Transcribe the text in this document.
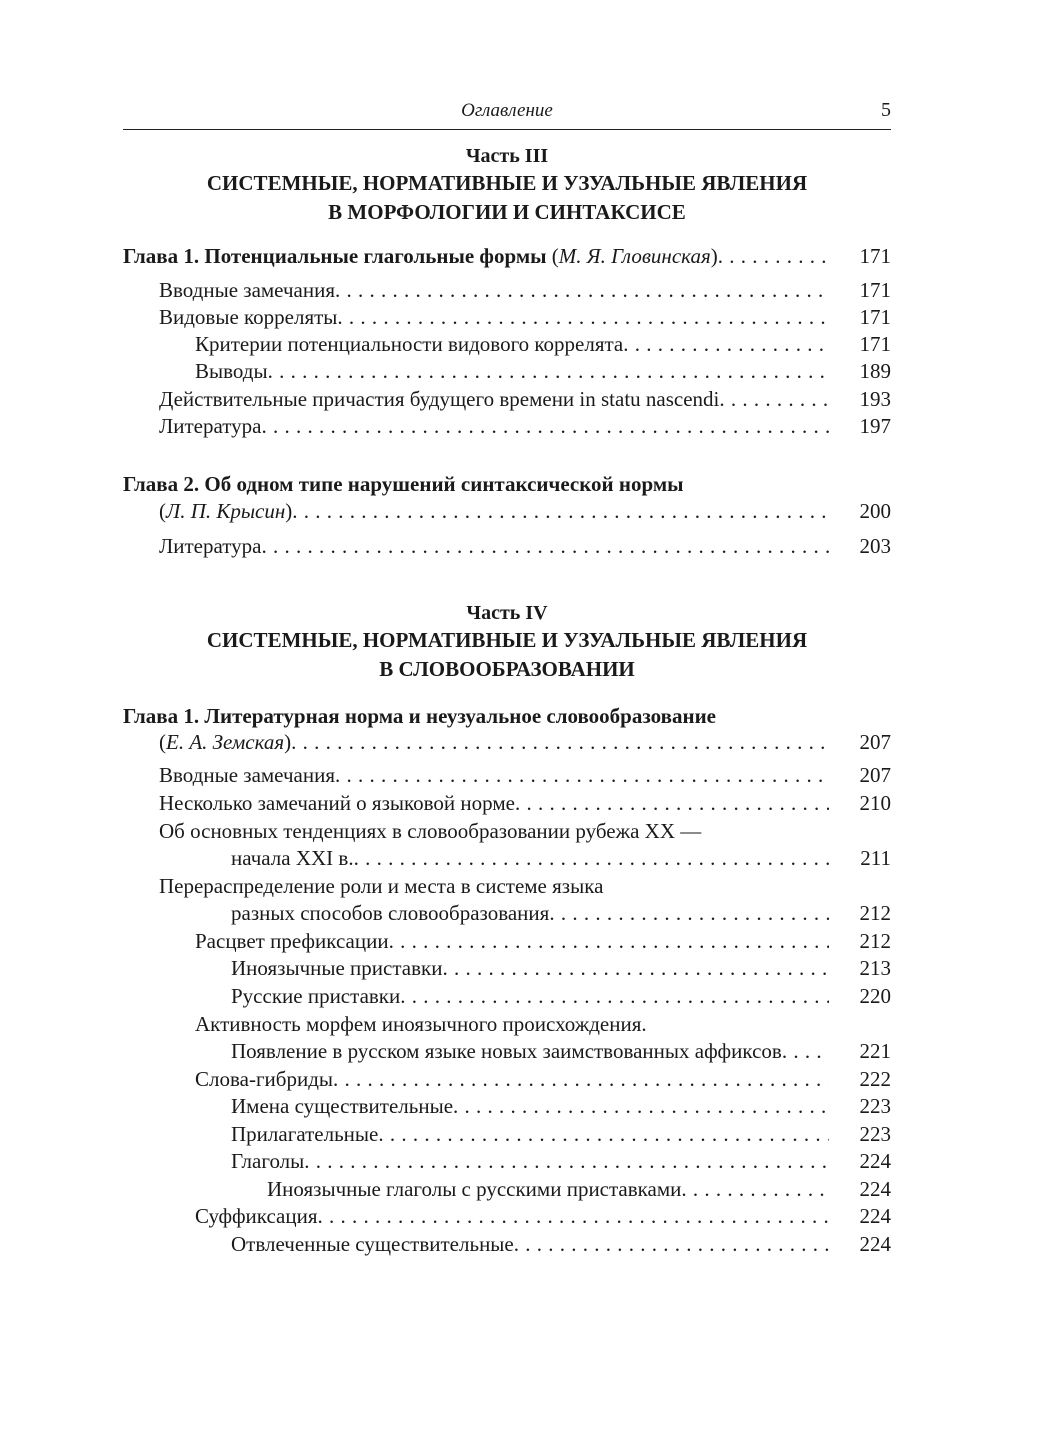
Оглавление	5
Часть III
СИСТЕМНЫЕ, НОРМАТИВНЫЕ И УЗУАЛЬНЫЕ ЯВЛЕНИЯ
В МОРФОЛОГИИ И СИНТАКСИСЕ
Глава 1. Потенциальные глагольные формы (М. Я. Гловинская) . . .	171
Вводные замечания . . .	171
Видовые корреляты . . .	171
Критерии потенциальности видового коррелята . . .	171
Выводы . . .	189
Действительные причастия будущего времени in statu nascendi . . .	193
Литература . . .	197
Глава 2. Об одном типе нарушений синтаксической нормы
(Л. П. Крысин) . . .	200
Литература . . .	203
Часть IV
СИСТЕМНЫЕ, НОРМАТИВНЫЕ И УЗУАЛЬНЫЕ ЯВЛЕНИЯ
В СЛОВООБРАЗОВАНИИ
Глава 1. Литературная норма и неузуальное словообразование
(Е. А. Земская) . . .	207
Вводные замечания . . .	207
Несколько замечаний о языковой норме . . .	210
Об основных тенденциях в словообразовании рубежа XX —
начала XXI в. . . .	211
Перераспределение роли и места в системе языка
разных способов словообразования . . .	212
Расцвет префиксации . . .	212
Иноязычные приставки . . .	213
Русские приставки . . .	220
Активность морфем иноязычного происхождения.
Появление в русском языке новых заимствованных аффиксов . . .	221
Слова-гибриды . . .	222
Имена существительные . . .	223
Прилагательные . . .	223
Глаголы . . .	224
Иноязычные глаголы с русскими приставками . . .	224
Суффиксация . . .	224
Отвлеченные существительные . . .	224
